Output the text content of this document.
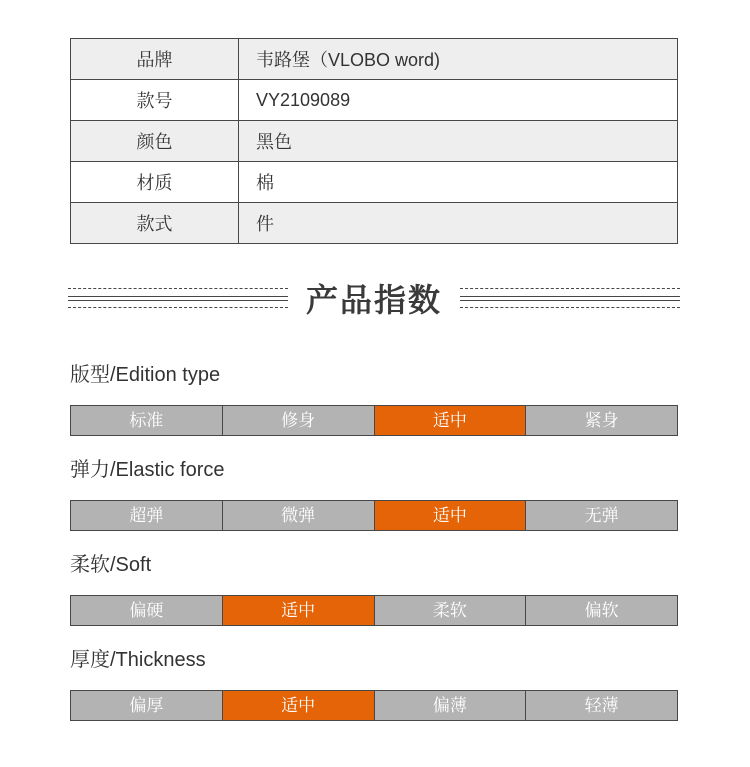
品牌	韦路堡（VLOBO word)
款号	VY2109089
颜色	黑色
材质	棉
款式	件
产品指数
版型/Edition type
标准	修身	适中	紧身
弹力/Elastic force
超弹	微弹	适中	无弹
柔软/Soft
偏硬	适中	柔软	偏软
厚度/Thickness
偏厚	适中	偏薄	轻薄
